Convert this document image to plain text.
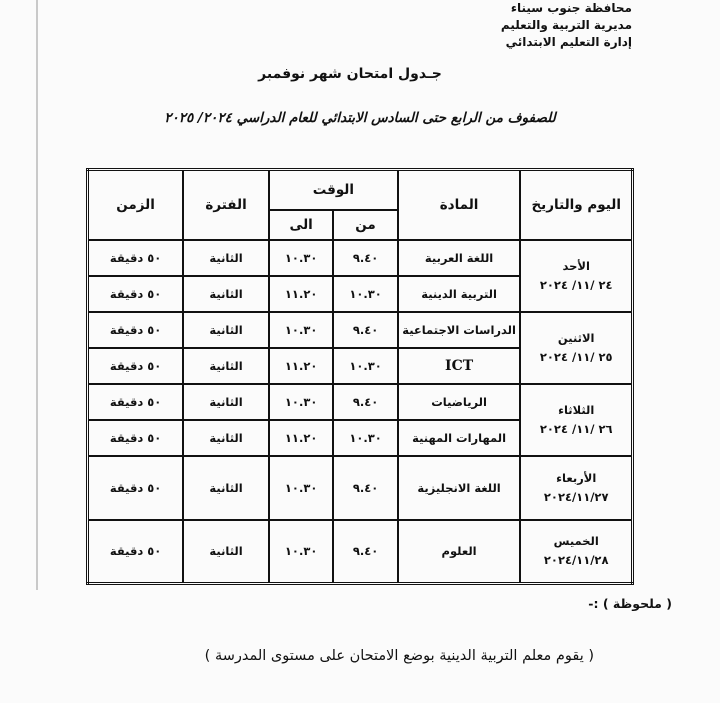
محافظة جنوب سيناء
مديرية التربية والتعليم
إدارة التعليم الابتدائي
جـدول امتحان شهر نوفمبر
للصفوف من الرابع حتى السادس الابتدائي للعام الدراسي ٢٠٢٤/ ٢٠٢٥
اليوم والتاريخ	المادة	الوقت		الفترة	الزمن
		من	الى		

الأحد
٢٤ /١١/ ٢٠٢٤	اللغة العربية	٩.٤٠	١٠.٣٠	الثانية	٥٠ دقيقة
	التربية الدينية	١٠.٣٠	١١.٢٠	الثانية	٥٠ دقيقة

الاثنين
٢٥ /١١/ ٢٠٢٤	الدراسات الاجتماعية	٩.٤٠	١٠.٣٠	الثانية	٥٠ دقيقة
	ICT	١٠.٣٠	١١.٢٠	الثانية	٥٠ دقيقة

الثلاثاء
٢٦ /١١/ ٢٠٢٤	الرياضيات	٩.٤٠	١٠.٣٠	الثانية	٥٠ دقيقة
	المهارات المهنية	١٠.٣٠	١١.٢٠	الثانية	٥٠ دقيقة

الأربعاء
٢٠٢٤/١١/٢٧	اللغة الانجليزية	٩.٤٠	١٠.٣٠	الثانية	٥٠ دقيقة

الخميس
٢٠٢٤/١١/٢٨	العلوم	٩.٤٠	١٠.٣٠	الثانية	٥٠ دقيقة
( ملحوظة ) :-
( يقوم معلم التربية الدينية بوضع الامتحان على مستوى المدرسة )
